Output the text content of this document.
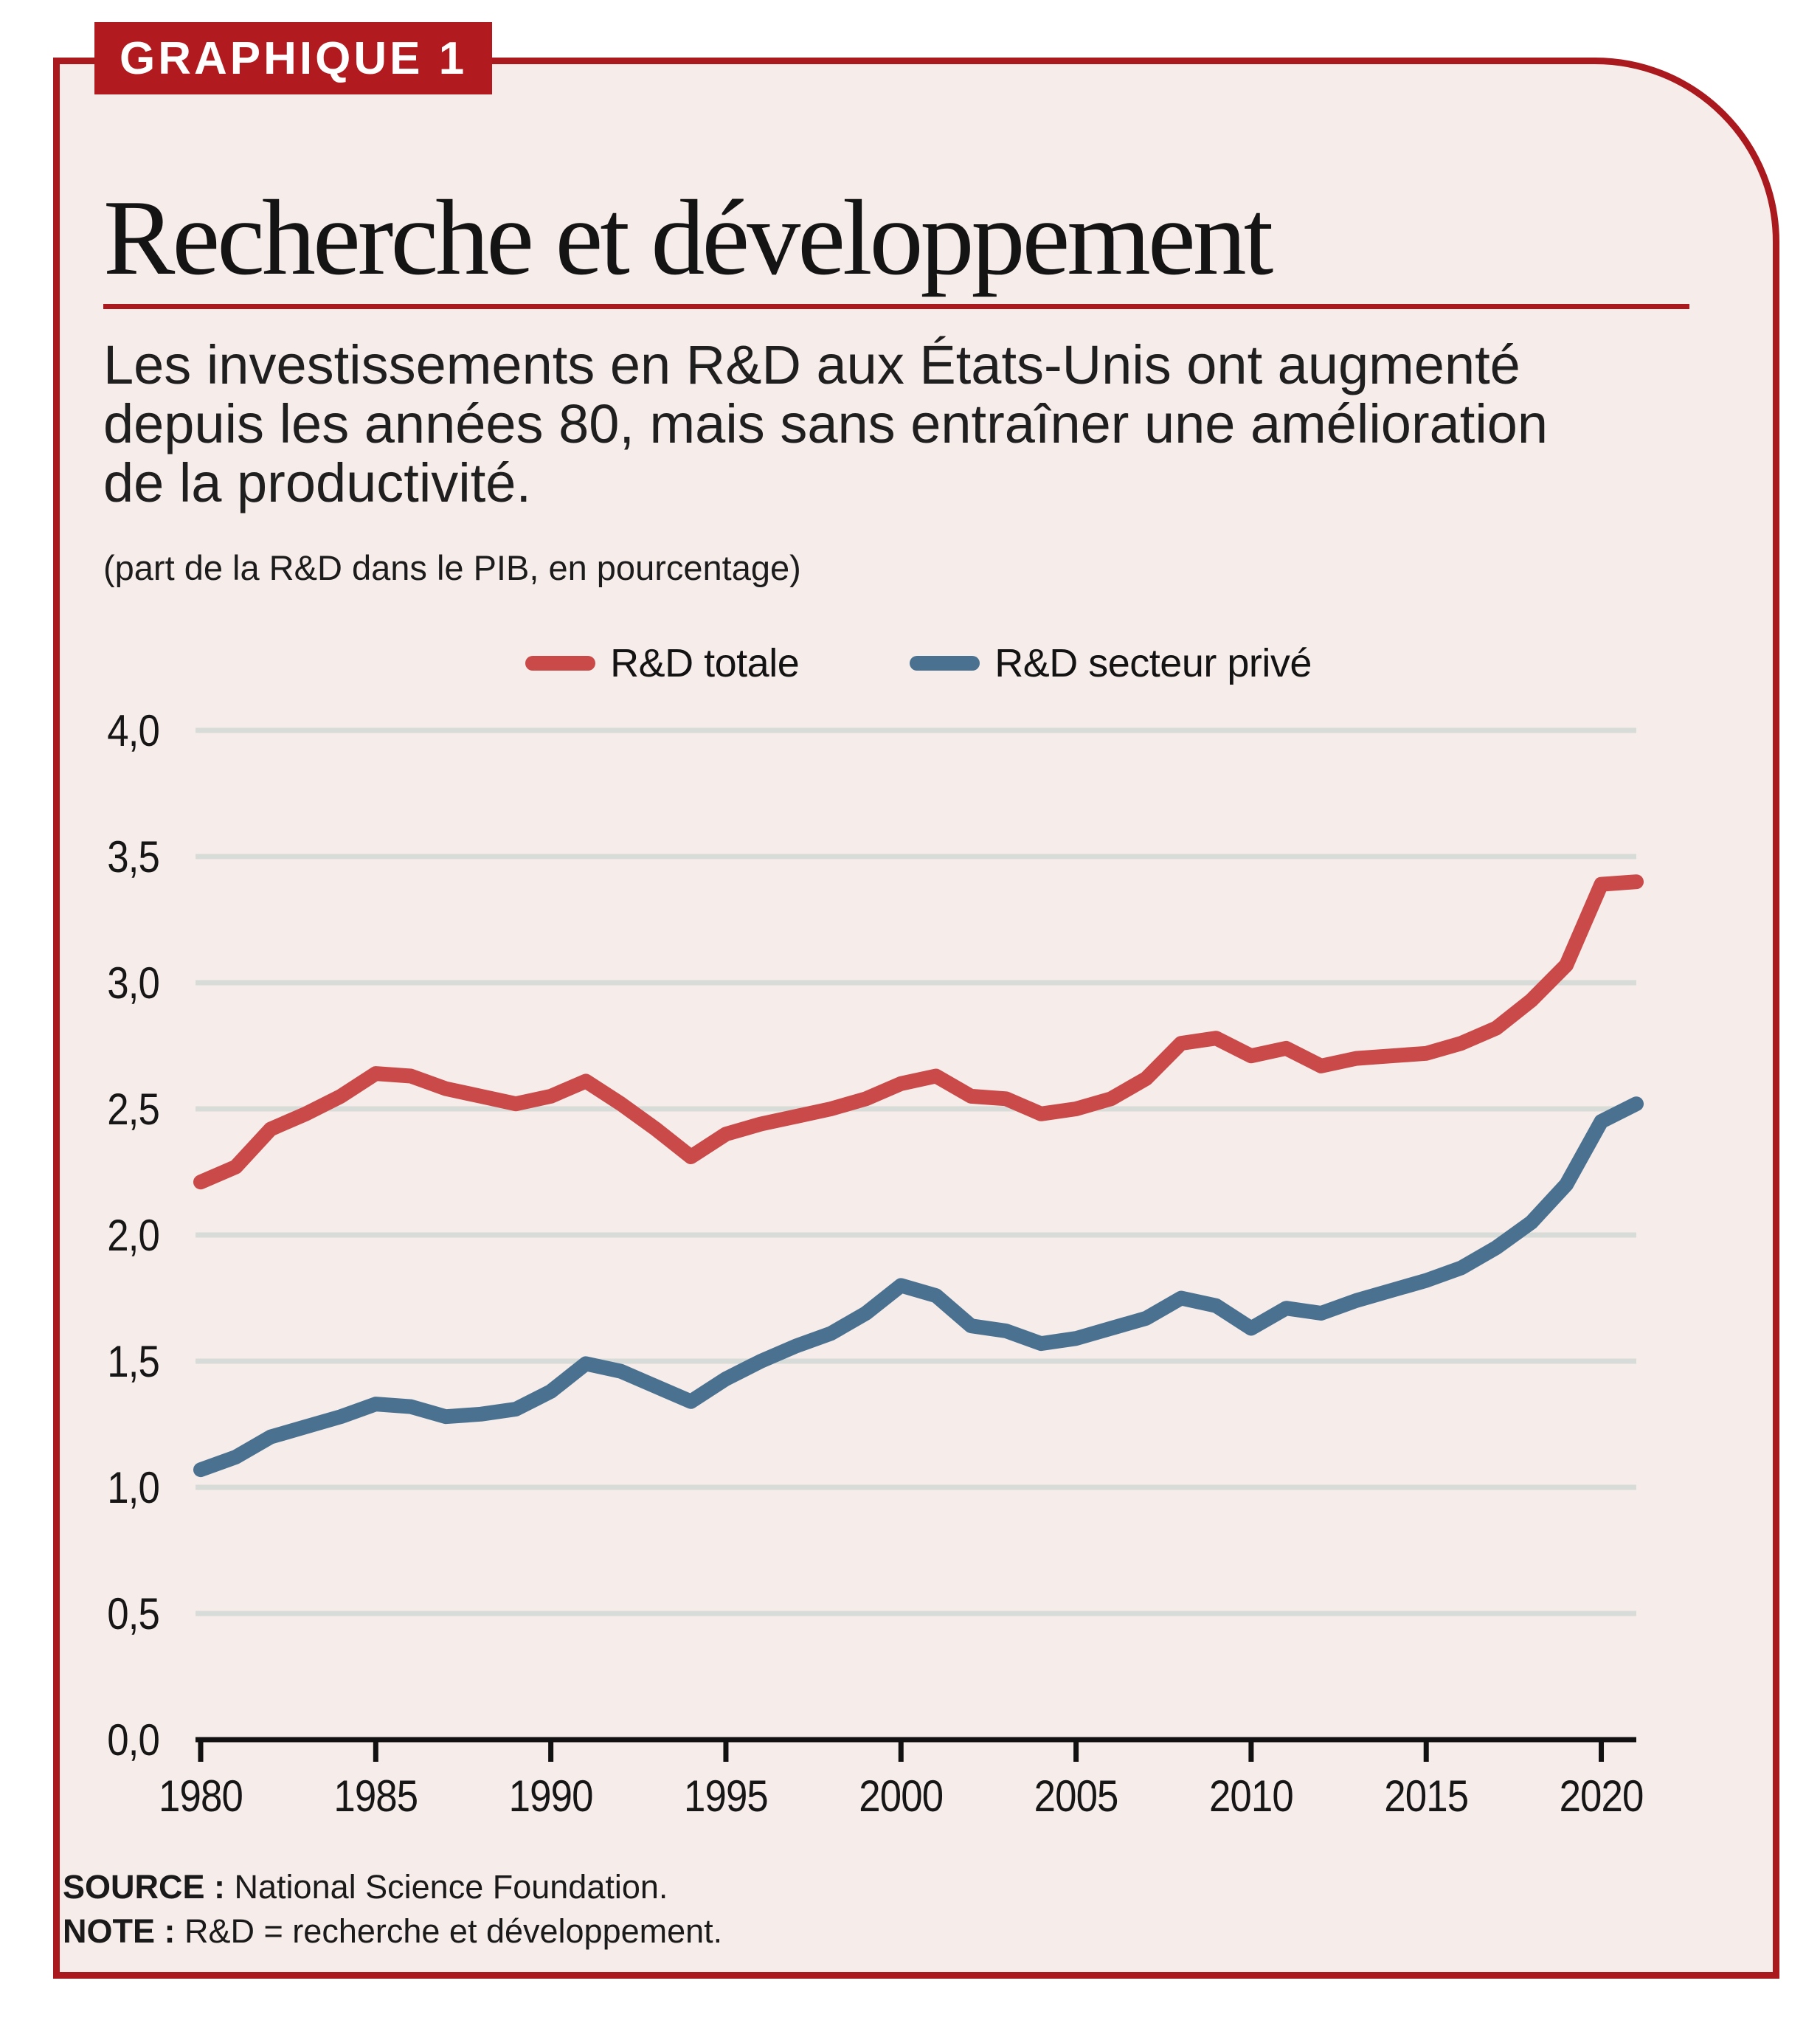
GRAPHIQUE 1
Recherche et développement
Les investissements en R&D aux États-Unis ont augmenté
depuis les années 80, mais sans entraîner une amélioration
de la productivité.
(part de la R&D dans le PIB, en pourcentage)
R&D totale	R&D secteur privé
0,0
0,5
1,0
1,5
2,0
2,5
3,0
3,5
4,0
1980 1985 1990 1995 2000 2005 2010 2015 2020
SOURCE : National Science Foundation.
NOTE : R&D = recherche et développement.
